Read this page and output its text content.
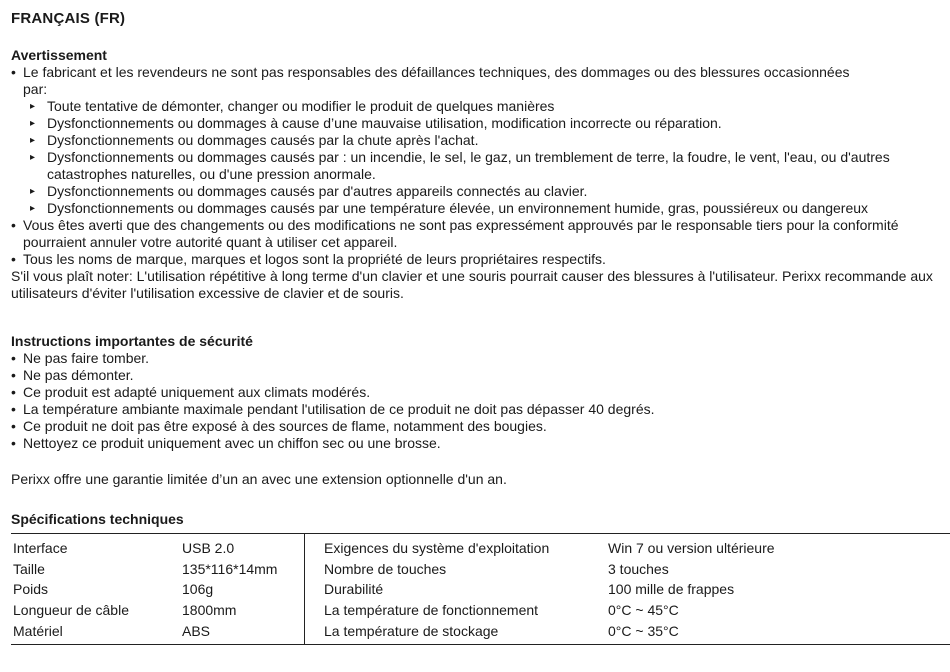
FRANÇAIS (FR)

Avertissement

• Le fabricant et les revendeurs ne sont pas responsables des défaillances techniques, des dommages ou des blessures occasionnées
par:

▸ Toute tentative de démonter, changer ou modifier le produit de quelques manières

▸ Dysfonctionnements ou dommages à cause d’une mauvaise utilisation, modification incorrecte ou réparation.

▸ Dysfonctionnements ou dommages causés par la chute après l'achat.

▸ Dysfonctionnements ou dommages causés par : un incendie, le sel, le gaz, un tremblement de terre, la foudre, le vent, l'eau, ou d'autres catastrophes naturelles, ou d'une pression anormale.

▸ Dysfonctionnements ou dommages causés par d'autres appareils connectés au clavier.

▸ Dysfonctionnements ou dommages causés par une température élevée, un environnement humide, gras, poussiéreux ou dangereux

• Vous êtes averti que des changements ou des modifications ne sont pas expressément approuvés par le responsable tiers pour la conformité pourraient annuler votre autorité quant à utiliser cet appareil.

• Tous les noms de marque, marques et logos sont la propriété de leurs propriétaires respectifs.

S'il vous plaît noter: L'utilisation répétitive à long terme d'un clavier et une souris pourrait causer des blessures à l'utilisateur. Perixx recommande aux utilisateurs d'éviter l'utilisation excessive de clavier et de souris.

Instructions importantes de sécurité

• Ne pas faire tomber.

• Ne pas démonter.

• Ce produit est adapté uniquement aux climats modérés.

• La température ambiante maximale pendant l'utilisation de ce produit ne doit pas dépasser 40 degrés.

• Ce produit ne doit pas être exposé à des sources de flame, notamment des bougies.

• Nettoyez ce produit uniquement avec un chiffon sec ou une brosse.

Perixx offre une garantie limitée d’un an avec une extension optionnelle d'un an.
Spécifications techniques
Interface
Taille
Poids
Longueur de câble
Matériel
USB 2.0
135*116*14mm
106g
1800mm
ABS
Exigences du système d'exploitation
Nombre de touches
Durabilité
La température de fonctionnement
La température de stockage
Win 7 ou version ultérieure
3 touches
100 mille de frappes
0°C ~ 45°C
0°C ~ 35°C
